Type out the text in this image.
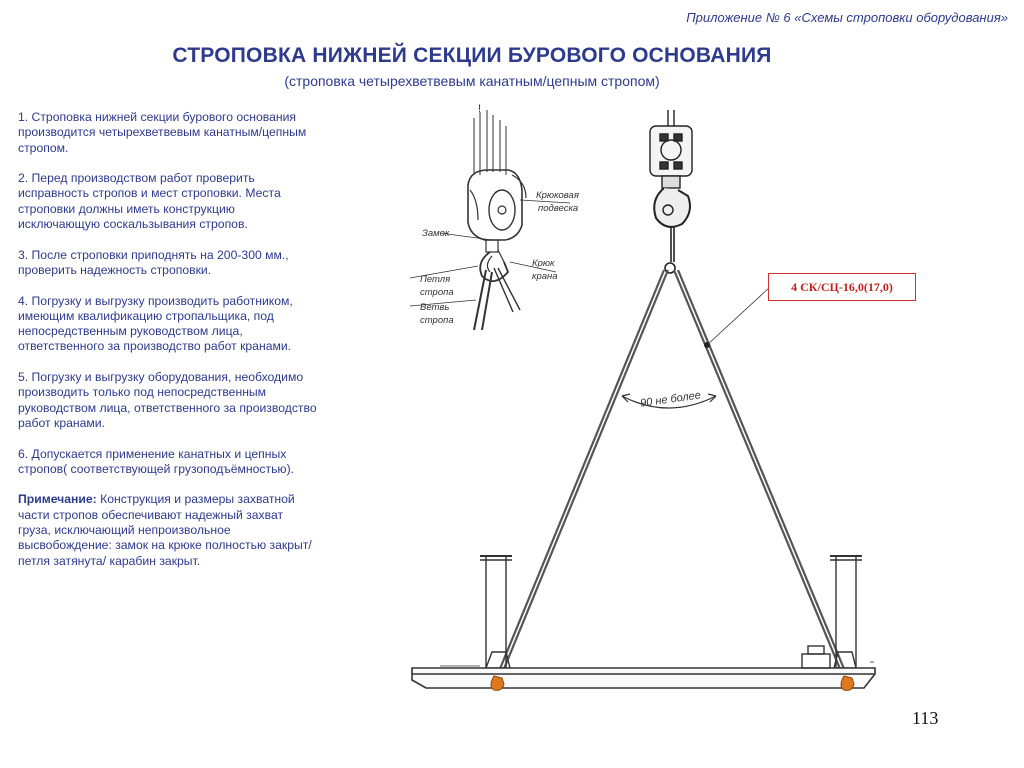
Приложение № 6 «Схемы строповки оборудования»
СТРОПОВКА НИЖНЕЙ СЕКЦИИ БУРОВОГО ОСНОВАНИЯ
(строповка четырехветвевым канатным/цепным стропом)

1. Строповка нижней секции бурового основания производится четырехветвевым канатным/цепным стропом.

2. Перед производством работ проверить исправность стропов и мест строповки. Места строповки должны иметь конструкцию исключающую соскальзывания стропов.

3. После строповки приподнять на 200-300 мм., проверить надежность строповки.

4. Погрузку и выгрузку производить работником, имеющим квалификацию стропальщика, под непосредственным руководством лица, ответственного за производство работ кранами.

5. Погрузку и выгрузку оборудования, необходимо производить только под непосредственным руководством лица, ответственного за производство работ кранами.

6. Допускается применение канатных и цепных стропов( соответствующей грузоподъёмностью).

Примечание: Конструкция и размеры захватной части стропов обеспечивают надежный захват груза, исключающий непроизвольное высвобождение: замок на крюке полностью закрыт/ петля затянута/ карабин закрыт.

!
Крюковая
подвеска
Замок
Крюк
крана
Петля
стропа
Ветвь
стропа
90 не более
4 СК/СЦ-16,0(17,0)
113
